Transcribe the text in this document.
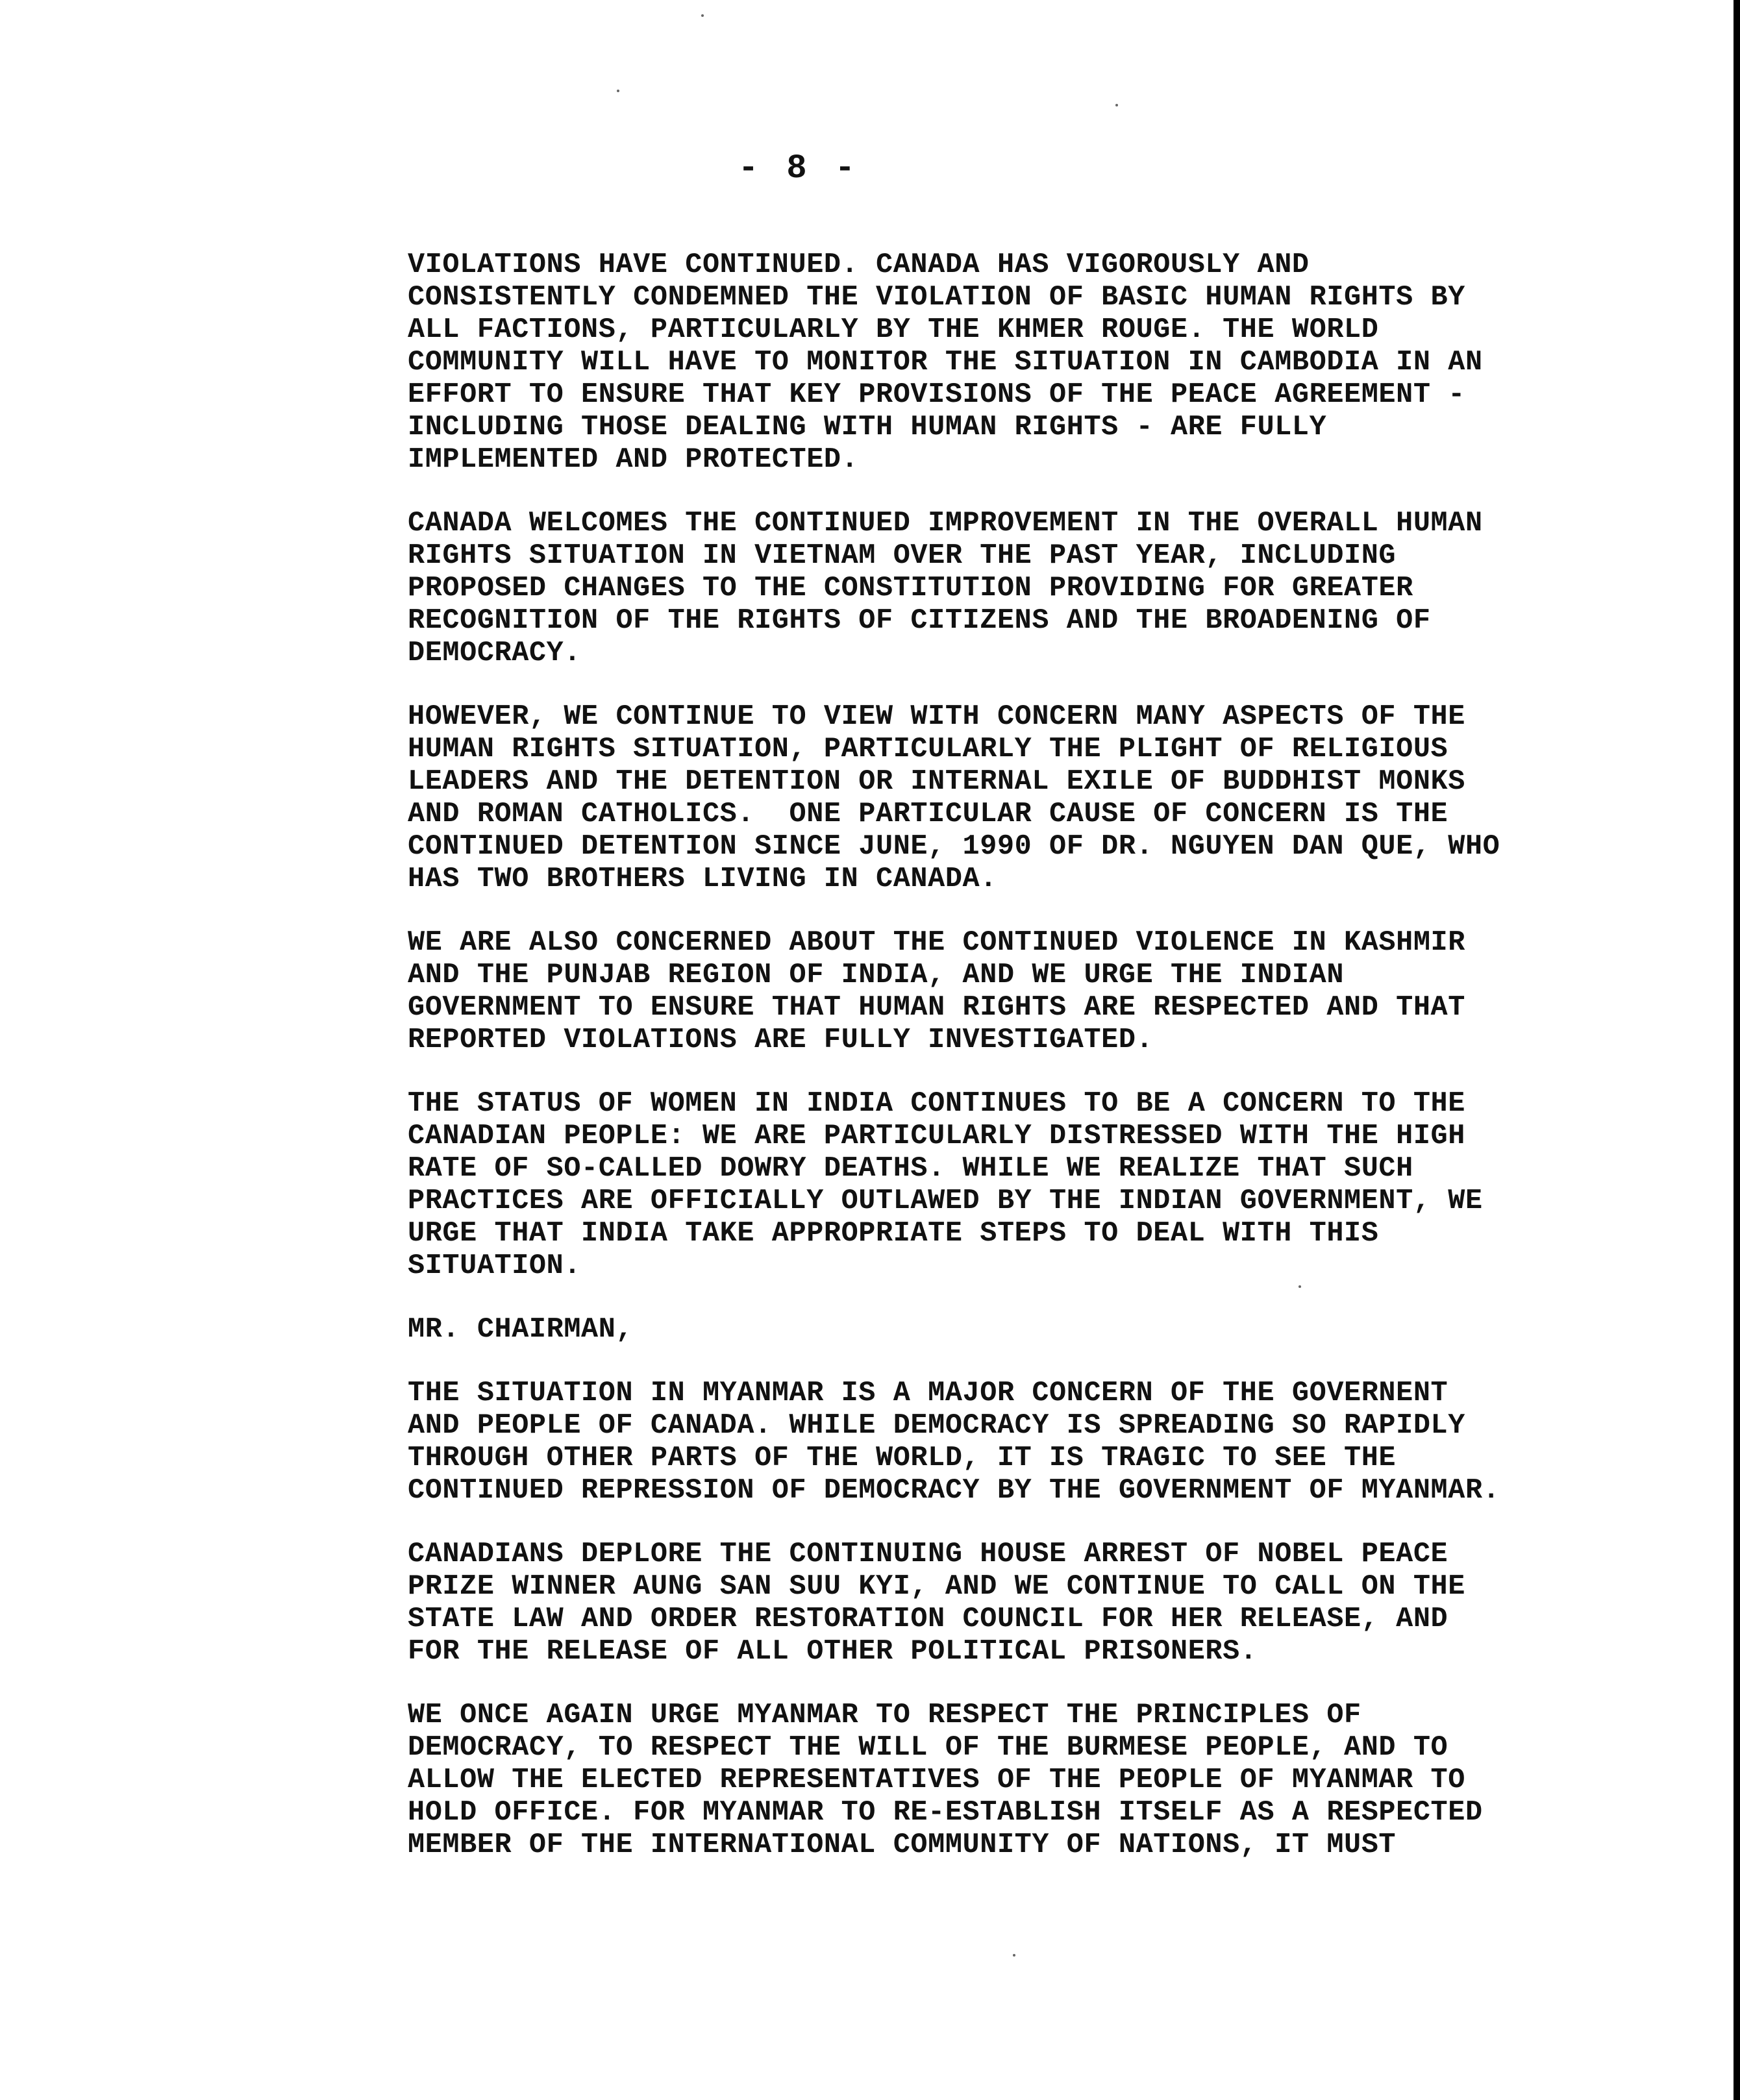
- 8 -

VIOLATIONS HAVE CONTINUED. CANADA HAS VIGOROUSLY AND
CONSISTENTLY CONDEMNED THE VIOLATION OF BASIC HUMAN RIGHTS BY
ALL FACTIONS, PARTICULARLY BY THE KHMER ROUGE. THE WORLD
COMMUNITY WILL HAVE TO MONITOR THE SITUATION IN CAMBODIA IN AN
EFFORT TO ENSURE THAT KEY PROVISIONS OF THE PEACE AGREEMENT -
INCLUDING THOSE DEALING WITH HUMAN RIGHTS - ARE FULLY
IMPLEMENTED AND PROTECTED.

CANADA WELCOMES THE CONTINUED IMPROVEMENT IN THE OVERALL HUMAN
RIGHTS SITUATION IN VIETNAM OVER THE PAST YEAR, INCLUDING
PROPOSED CHANGES TO THE CONSTITUTION PROVIDING FOR GREATER
RECOGNITION OF THE RIGHTS OF CITIZENS AND THE BROADENING OF
DEMOCRACY.

HOWEVER, WE CONTINUE TO VIEW WITH CONCERN MANY ASPECTS OF THE
HUMAN RIGHTS SITUATION, PARTICULARLY THE PLIGHT OF RELIGIOUS
LEADERS AND THE DETENTION OR INTERNAL EXILE OF BUDDHIST MONKS
AND ROMAN CATHOLICS.  ONE PARTICULAR CAUSE OF CONCERN IS THE
CONTINUED DETENTION SINCE JUNE, 1990 OF DR. NGUYEN DAN QUE, WHO
HAS TWO BROTHERS LIVING IN CANADA.

WE ARE ALSO CONCERNED ABOUT THE CONTINUED VIOLENCE IN KASHMIR
AND THE PUNJAB REGION OF INDIA, AND WE URGE THE INDIAN
GOVERNMENT TO ENSURE THAT HUMAN RIGHTS ARE RESPECTED AND THAT
REPORTED VIOLATIONS ARE FULLY INVESTIGATED.

THE STATUS OF WOMEN IN INDIA CONTINUES TO BE A CONCERN TO THE
CANADIAN PEOPLE: WE ARE PARTICULARLY DISTRESSED WITH THE HIGH
RATE OF SO-CALLED DOWRY DEATHS. WHILE WE REALIZE THAT SUCH
PRACTICES ARE OFFICIALLY OUTLAWED BY THE INDIAN GOVERNMENT, WE
URGE THAT INDIA TAKE APPROPRIATE STEPS TO DEAL WITH THIS
SITUATION.

MR. CHAIRMAN,

THE SITUATION IN MYANMAR IS A MAJOR CONCERN OF THE GOVERNENT
AND PEOPLE OF CANADA. WHILE DEMOCRACY IS SPREADING SO RAPIDLY
THROUGH OTHER PARTS OF THE WORLD, IT IS TRAGIC TO SEE THE
CONTINUED REPRESSION OF DEMOCRACY BY THE GOVERNMENT OF MYANMAR.

CANADIANS DEPLORE THE CONTINUING HOUSE ARREST OF NOBEL PEACE
PRIZE WINNER AUNG SAN SUU KYI, AND WE CONTINUE TO CALL ON THE
STATE LAW AND ORDER RESTORATION COUNCIL FOR HER RELEASE, AND
FOR THE RELEASE OF ALL OTHER POLITICAL PRISONERS.

WE ONCE AGAIN URGE MYANMAR TO RESPECT THE PRINCIPLES OF
DEMOCRACY, TO RESPECT THE WILL OF THE BURMESE PEOPLE, AND TO
ALLOW THE ELECTED REPRESENTATIVES OF THE PEOPLE OF MYANMAR TO
HOLD OFFICE. FOR MYANMAR TO RE-ESTABLISH ITSELF AS A RESPECTED
MEMBER OF THE INTERNATIONAL COMMUNITY OF NATIONS, IT MUST
